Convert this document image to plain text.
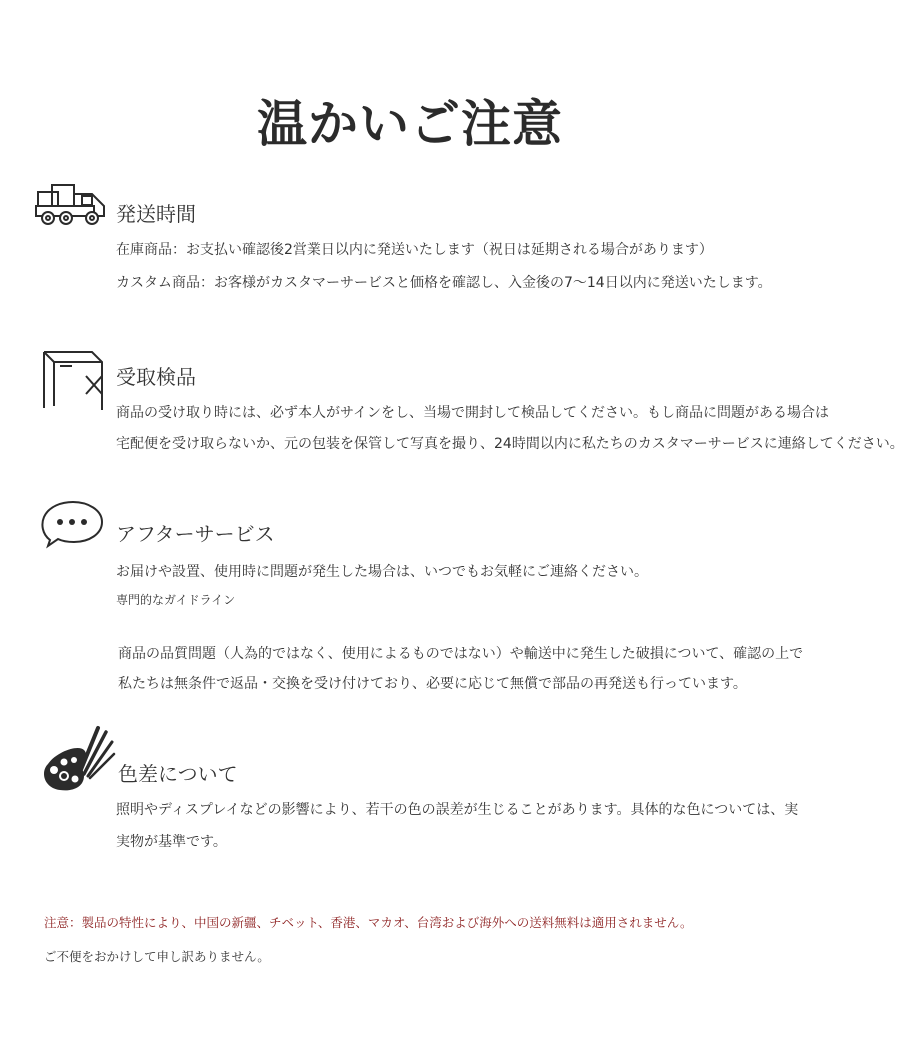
温かいご注意
発送時間
在庫商品：お支払い確認後2営業日以内に発送いたします（祝日は延期される場合があります）
カスタム商品：お客様がカスタマーサービスと価格を確認し、入金後の7〜14日以内に発送いたします。
受取検品
商品の受け取り時には、必ず本人がサインをし、当場で開封して検品してください。もし商品に問題がある場合は
宅配便を受け取らないか、元の包装を保管して写真を撮り、24時間以内に私たちのカスタマーサービスに連絡してください。
アフターサービス
お届けや設置、使用時に問題が発生した場合は、いつでもお気軽にご連絡ください。
専門的なガイドライン
商品の品質問題（人為的ではなく、使用によるものではない）や輸送中に発生した破損について、確認の上で
私たちは無条件で返品・交換を受け付けており、必要に応じて無償で部品の再発送も行っています。
色差について
照明やディスプレイなどの影響により、若干の色の誤差が生じることがあります。具体的な色については、実
実物が基準です。
注意：製品の特性により、中国の新疆、チベット、香港、マカオ、台湾および海外への送料無料は適用されません。
ご不便をおかけして申し訳ありません。
